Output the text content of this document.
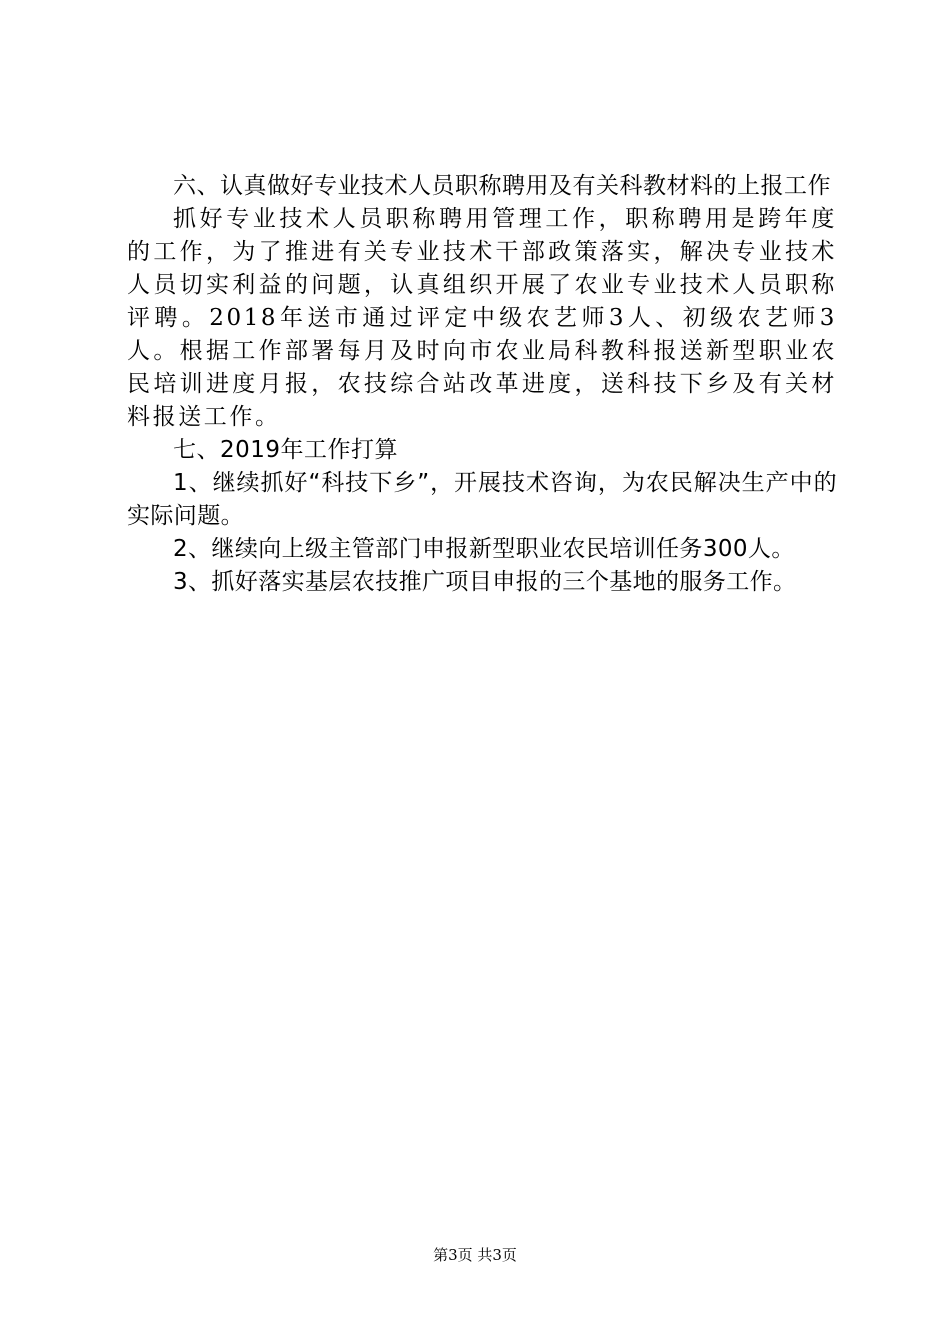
六、认真做好专业技术人员职称聘用及有关科教材料的上报工作

抓好专业技术人员职称聘用管理工作，职称聘用是跨年度的工作，为了推进有关专业技术干部政策落实，解决专业技术人员切实利益的问题，认真组织开展了农业专业技术人员职称评聘。2018年送市通过评定中级农艺师3人、初级农艺师3人。根据工作部署每月及时向市农业局科教科报送新型职业农民培训进度月报，农技综合站改革进度，送科技下乡及有关材料报送工作。

七、2019年工作打算

1、继续抓好“科技下乡”，开展技术咨询，为农民解决生产中的实际问题。

2、继续向上级主管部门申报新型职业农民培训任务300人。

3、抓好落实基层农技推广项目申报的三个基地的服务工作。

第3页 共3页
